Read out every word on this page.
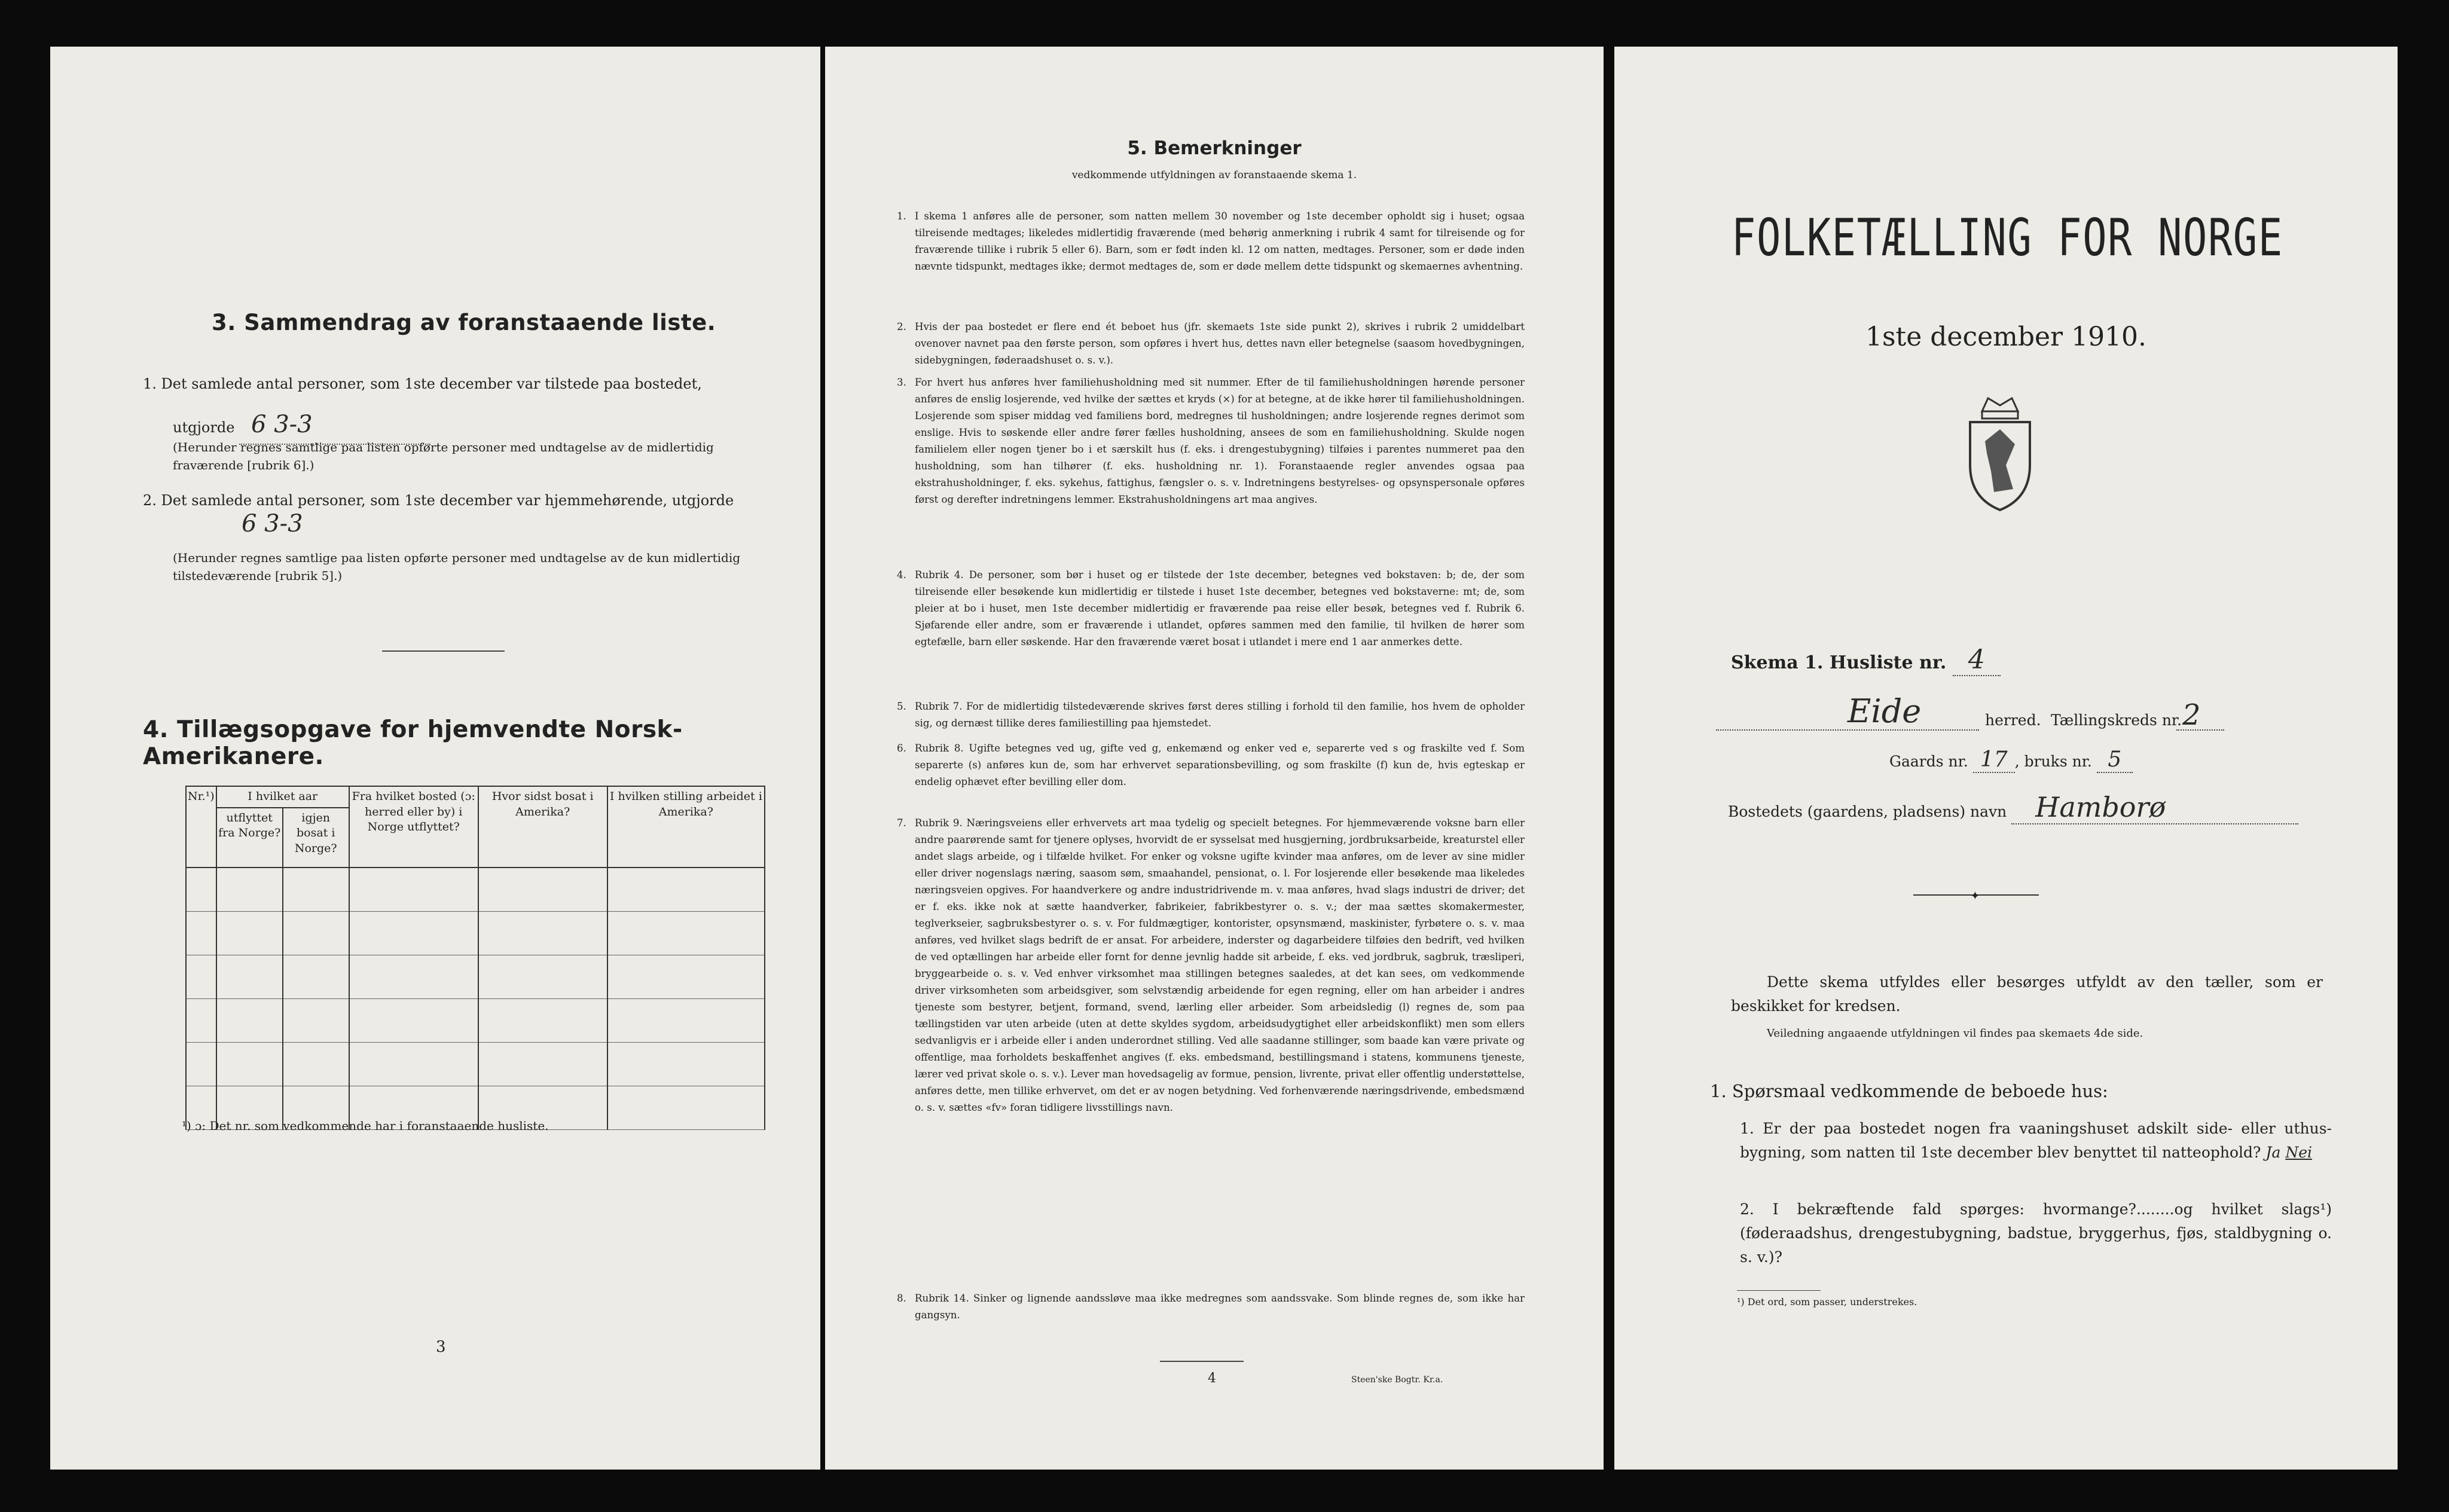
3. Sammendrag av foranstaaende liste.
1. Det samlede antal personer, som 1ste december var tilstede paa bostedet,
utgjorde 6 3-3
(Herunder regnes samtlige paa listen opførte personer med undtagelse av de midlertidig fraværende [rubrik 6].)
2. Det samlede antal personer, som 1ste december var hjemmehørende, utgjorde
6 3-3
(Herunder regnes samtlige paa listen opførte personer med undtagelse av de kun midlertidig tilstedeværende [rubrik 5].)
4. Tillægsopgave for hjemvendte Norsk-Amerikanere.
Nr.¹)	I hvilket aar		Fra hvilket bosted (ɔ: herred eller by) i Norge utflyttet?	Hvor sidst bosat i Amerika?	I hvilken stilling arbeidet i Amerika?
	utflyttet fra Norge?	igjen bosat i Norge?			

¹) ɔ: Det nr. som vedkommende har i foranstaaende husliste.
3
5. Bemerkninger
vedkommende utfyldningen av foranstaaende skema 1.
1. I skema 1 anføres alle de personer, som natten mellem 30 november og 1ste december opholdt sig i huset; ogsaa tilreisende medtages; likeledes midlertidig fraværende (med behørig anmerkning i rubrik 4 samt for tilreisende og for fraværende tillike i rubrik 5 eller 6). Barn, som er født inden kl. 12 om natten, medtages. Personer, som er døde inden nævnte tidspunkt, medtages ikke; dermot medtages de, som er døde mellem dette tidspunkt og skemaernes avhentning.
2. Hvis der paa bostedet er flere end ét beboet hus (jfr. skemaets 1ste side punkt 2), skrives i rubrik 2 umiddelbart ovenover navnet paa den første person, som opføres i hvert hus, dettes navn eller betegnelse (saasom hovedbygningen, sidebygningen, føderaadshuset o. s. v.).
3. For hvert hus anføres hver familiehusholdning med sit nummer. Efter de til familiehusholdningen hørende personer anføres de enslig losjerende, ved hvilke der sættes et kryds (×) for at betegne, at de ikke hører til familiehusholdningen. Losjerende som spiser middag ved familiens bord, medregnes til husholdningen; andre losjerende regnes derimot som enslige. Hvis to søskende eller andre fører fælles husholdning, ansees de som en familiehusholdning. Skulde nogen familielem eller nogen tjener bo i et særskilt hus (f. eks. i drengestubygning) tilføies i parentes nummeret paa den husholdning, som han tilhører (f. eks. husholdning nr. 1). Foranstaaende regler anvendes ogsaa paa ekstrahusholdninger, f. eks. sykehus, fattighus, fængsler o. s. v. Indretningens bestyrelses- og opsynspersonale opføres først og derefter indretningens lemmer. Ekstrahusholdningens art maa angives.
4. Rubrik 4. De personer, som bør i huset og er tilstede der 1ste december, betegnes ved bokstaven: b; de, der som tilreisende eller besøkende kun midlertidig er tilstede i huset 1ste december, betegnes ved bokstaverne: mt; de, som pleier at bo i huset, men 1ste december midlertidig er fraværende paa reise eller besøk, betegnes ved f. Rubrik 6. Sjøfarende eller andre, som er fraværende i utlandet, opføres sammen med den familie, til hvilken de hører som egtefælle, barn eller søskende. Har den fraværende været bosat i utlandet i mere end 1 aar anmerkes dette.
5. Rubrik 7. For de midlertidig tilstedeværende skrives først deres stilling i forhold til den familie, hos hvem de opholder sig, og dernæst tillike deres familiestilling paa hjemstedet.
6. Rubrik 8. Ugifte betegnes ved ug, gifte ved g, enkemænd og enker ved e, separerte ved s og fraskilte ved f. Som separerte (s) anføres kun de, som har erhvervet separationsbevilling, og som fraskilte (f) kun de, hvis egteskap er endelig ophævet efter bevilling eller dom.
7. Rubrik 9. Næringsveiens eller erhvervets art maa tydelig og specielt betegnes. For hjemmeværende voksne barn eller andre paarørende samt for tjenere oplyses, hvorvidt de er sysselsat med husgjerning, jordbruksarbeide, kreaturstel eller andet slags arbeide, og i tilfælde hvilket. For enker og voksne ugifte kvinder maa anføres, om de lever av sine midler eller driver nogenslags næring, saasom søm, smaahandel, pensionat, o. l. For losjerende eller besøkende maa likeledes næringsveien opgives. For haandverkere og andre industridrivende m. v. maa anføres, hvad slags industri de driver; det er f. eks. ikke nok at sætte haandverker, fabrikeier, fabrikbestyrer o. s. v.; der maa sættes skomakermester, teglverkseier, sagbruksbestyrer o. s. v. For fuldmægtiger, kontorister, opsynsmænd, maskinister, fyrbøtere o. s. v. maa anføres, ved hvilket slags bedrift de er ansat. For arbeidere, inderster og dagarbeidere tilføies den bedrift, ved hvilken de ved optællingen har arbeide eller fornt for denne jevnlig hadde sit arbeide, f. eks. ved jordbruk, sagbruk, træsliperi, bryggearbeide o. s. v. Ved enhver virksomhet maa stillingen betegnes saaledes, at det kan sees, om vedkommende driver virksomheten som arbeidsgiver, som selvstændig arbeidende for egen regning, eller om han arbeider i andres tjeneste som bestyrer, betjent, formand, svend, lærling eller arbeider. Som arbeidsledig (l) regnes de, som paa tællingstiden var uten arbeide (uten at dette skyldes sygdom, arbeidsudygtighet eller arbeidskonflikt) men som ellers sedvanligvis er i arbeide eller i anden underordnet stilling. Ved alle saadanne stillinger, som baade kan være private og offentlige, maa forholdets beskaffenhet angives (f. eks. embedsmand, bestillingsmand i statens, kommunens tjeneste, lærer ved privat skole o. s. v.). Lever man hovedsagelig av formue, pension, livrente, privat eller offentlig understøttelse, anføres dette, men tillike erhvervet, om det er av nogen betydning. Ved forhenværende næringsdrivende, embedsmænd o. s. v. sættes «fv» foran tidligere livsstillings navn.
8. Rubrik 14. Sinker og lignende aandssløve maa ikke medregnes som aandssvake. Som blinde regnes de, som ikke har gangsyn.
4	Steen'ske Bogtr. Kr.a.
FOLKETÆLLING FOR NORGE
1ste december 1910.
Skema 1. Husliste nr. 4
Eide	herred. Tællingskreds nr. 2
Gaards nr. 17 , bruks nr. 5
Bostedets (gaardens, pladsens) navn Hamborø
✦
Dette skema utfyldes eller besørges utfyldt av den tæller, som er beskikket for kredsen.
Veiledning angaaende utfyldningen vil findes paa skemaets 4de side.
1. Spørsmaal vedkommende de beboede hus:
1. Er der paa bostedet nogen fra vaaningshuset adskilt side- eller uthus-bygning, som natten til 1ste december blev benyttet til natteophold? Ja Nei
2. I bekræftende fald spørges: hvormange?........og hvilket slags¹) (føderaadshus, drengestubygning, badstue, bryggerhus, fjøs, staldbygning o. s. v.)?
¹) Det ord, som passer, understrekes.
